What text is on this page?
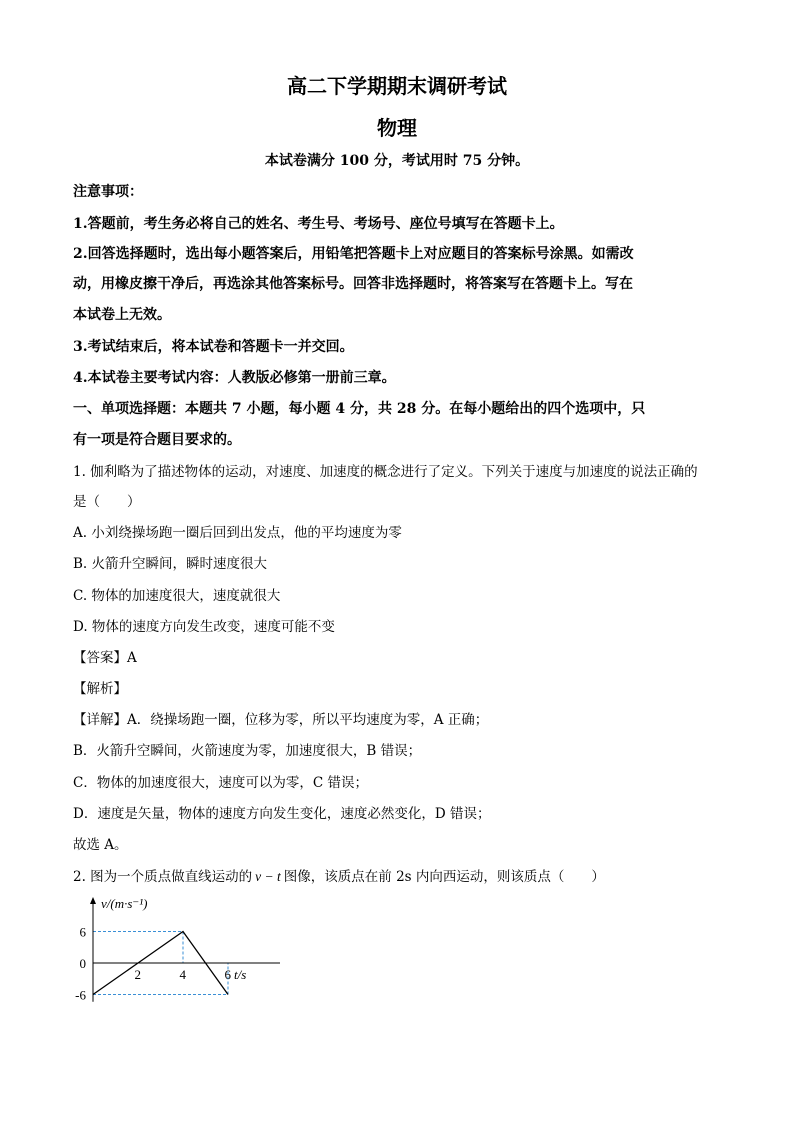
高二下学期期末调研考试
物理
本试卷满分 100 分，考试用时 75 分钟。
注意事项：
1.答题前，考生务必将自己的姓名、考生号、考场号、座位号填写在答题卡上。
2.回答选择题时，选出每小题答案后，用铅笔把答题卡上对应题目的答案标号涂黑。如需改
动，用橡皮擦干净后，再选涂其他答案标号。回答非选择题时，将答案写在答题卡上。写在
本试卷上无效。
3.考试结束后，将本试卷和答题卡一并交回。
4.本试卷主要考试内容：人教版必修第一册前三章。
一、单项选择题：本题共 7 小题，每小题 4 分，共 28 分。在每小题给出的四个选项中，只
有一项是符合题目要求的。
1. 伽利略为了描述物体的运动，对速度、加速度的概念进行了定义。下列关于速度与加速度的说法正确的
是（　　）
A. 小刘绕操场跑一圈后回到出发点，他的平均速度为零
B. 火箭升空瞬间，瞬时速度很大
C. 物体的加速度很大，速度就很大
D. 物体的速度方向发生改变，速度可能不变
【答案】A
【解析】
【详解】A．绕操场跑一圈，位移为零，所以平均速度为零，A 正确；
B．火箭升空瞬间，火箭速度为零，加速度很大，B 错误；
C．物体的加速度很大，速度可以为零，C 错误；
D．速度是矢量，物体的速度方向发生变化，速度必然变化，D 错误；
故选 A。
2. 图为一个质点做直线运动的 v − t 图像，该质点在前 2s 内向西运动，则该质点（　　）
6
0
-6
2	4	6
v/(m·s⁻¹)
t/s
